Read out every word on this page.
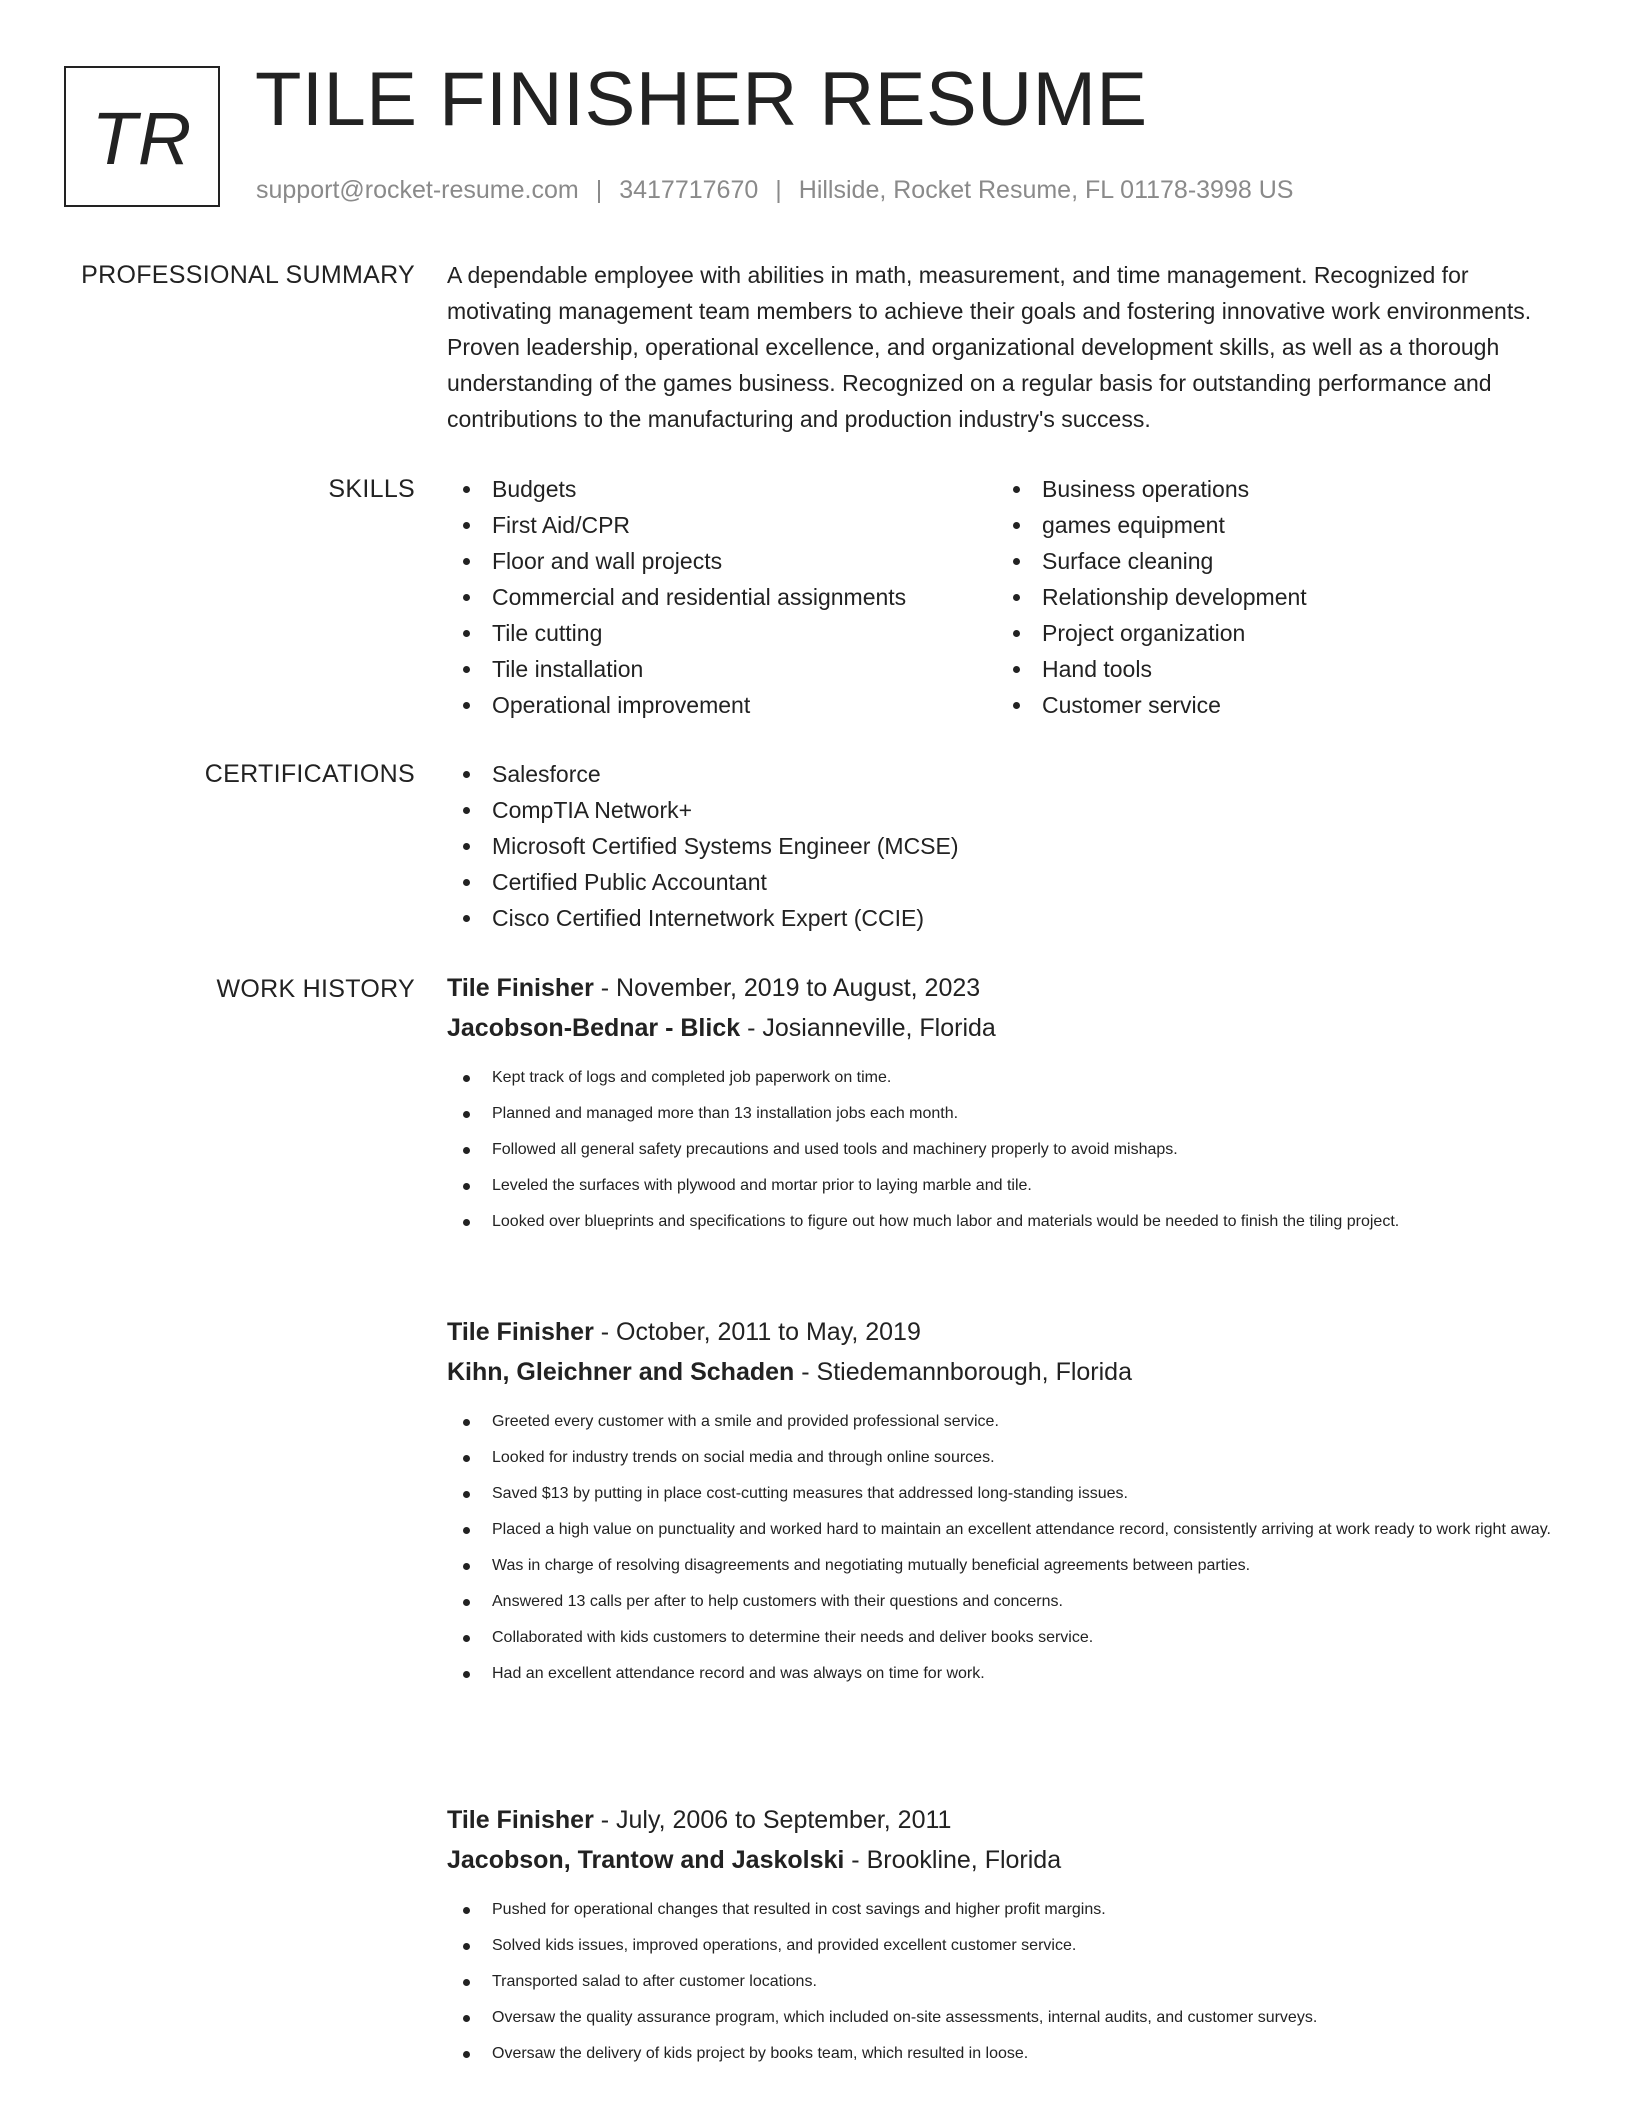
TR TILE FINISHER RESUME
support@rocket-resume.com | 3417717670 | Hillside, Rocket Resume, FL 01178-3998 US
PROFESSIONAL SUMMARY A dependable employee with abilities in math, measurement, and time management. Recognized for motivating management team members to achieve their goals and fostering innovative work environments. Proven leadership, operational excellence, and organizational development skills, as well as a thorough understanding of the games business. Recognized on a regular basis for outstanding performance and contributions to the manufacturing and production industry's success.

SKILLS	Budgets
First Aid/CPR
Floor and wall projects
Commercial and residential assignments
Tile cutting
Tile installation
Operational improvement
Business operations
games equipment
Surface cleaning
Relationship development
Project organization
Hand tools
Customer service
CERTIFICATIONS	Salesforce
CompTIA Network+
Microsoft Certified Systems Engineer (MCSE)
Certified Public Accountant
Cisco Certified Internetwork Expert (CCIE)
WORK HISTORY Tile Finisher - November, 2019 to August, 2023
Jacobson-Bednar - Blick - Josianneville, Florida
Kept track of logs and completed job paperwork on time.
Planned and managed more than 13 installation jobs each month.
Followed all general safety precautions and used tools and machinery properly to avoid mishaps.
Leveled the surfaces with plywood and mortar prior to laying marble and tile.
Looked over blueprints and specifications to figure out how much labor and materials would be needed to finish the tiling project.
Tile Finisher - October, 2011 to May, 2019
Kihn, Gleichner and Schaden - Stiedemannborough, Florida
Greeted every customer with a smile and provided professional service.
Looked for industry trends on social media and through online sources.
Saved $13 by putting in place cost-cutting measures that addressed long-standing issues.
Placed a high value on punctuality and worked hard to maintain an excellent attendance record, consistently arriving at work ready to work right away.
Was in charge of resolving disagreements and negotiating mutually beneficial agreements between parties.
Answered 13 calls per after to help customers with their questions and concerns.
Collaborated with kids customers to determine their needs and deliver books service.
Had an excellent attendance record and was always on time for work.
Tile Finisher - July, 2006 to September, 2011
Jacobson, Trantow and Jaskolski - Brookline, Florida
Pushed for operational changes that resulted in cost savings and higher profit margins.
Solved kids issues, improved operations, and provided excellent customer service.
Transported salad to after customer locations.
Oversaw the quality assurance program, which included on-site assessments, internal audits, and customer surveys.
Oversaw the delivery of kids project by books team, which resulted in loose.
